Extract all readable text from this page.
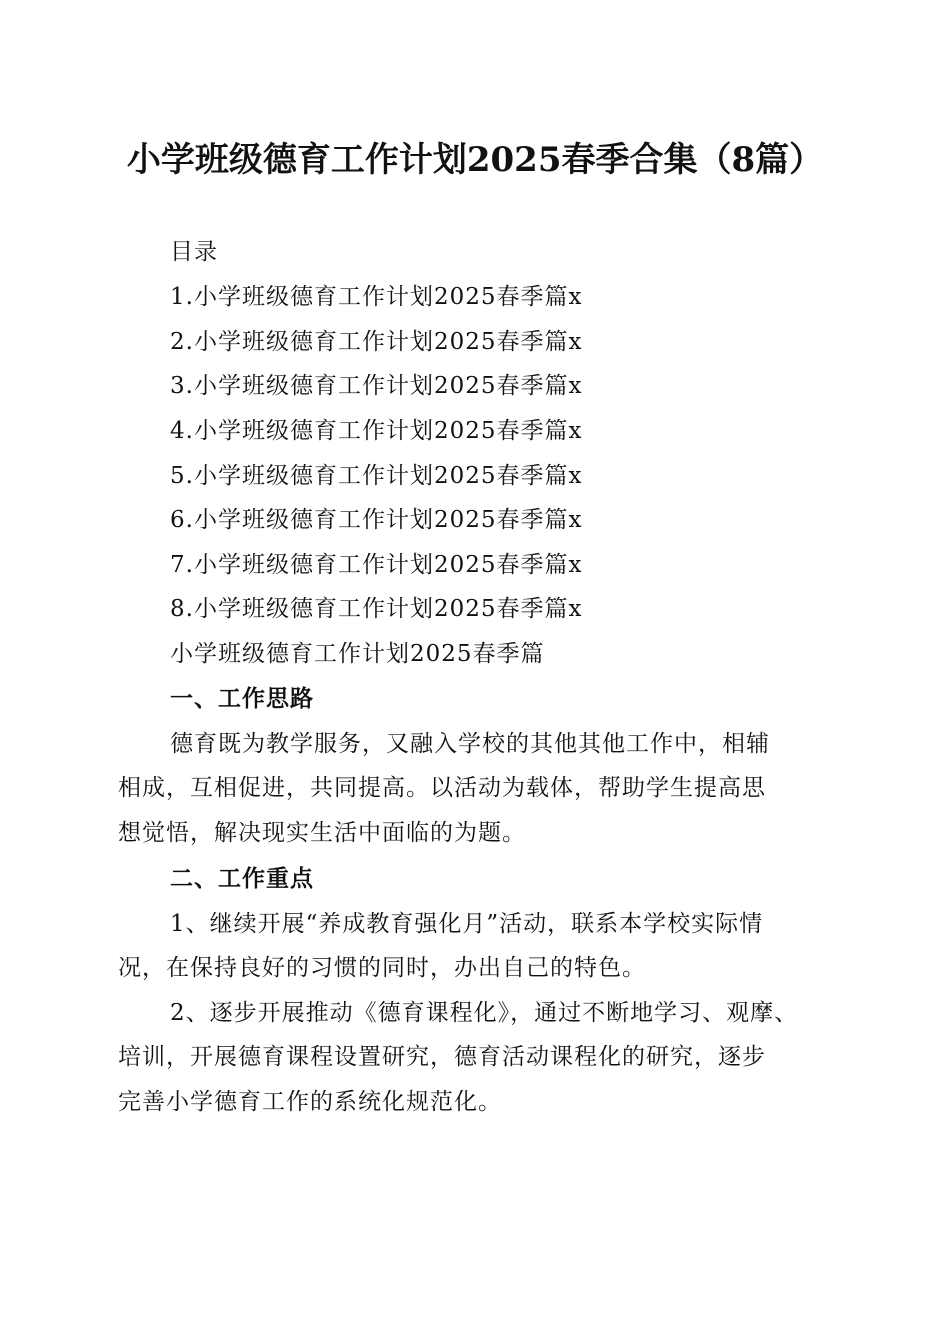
小学班级德育工作计划2025春季合集（8篇）
目录
1.小学班级德育工作计划2025春季篇x
2.小学班级德育工作计划2025春季篇x
3.小学班级德育工作计划2025春季篇x
4.小学班级德育工作计划2025春季篇x
5.小学班级德育工作计划2025春季篇x
6.小学班级德育工作计划2025春季篇x
7.小学班级德育工作计划2025春季篇x
8.小学班级德育工作计划2025春季篇x
小学班级德育工作计划2025春季篇
一、工作思路
德育既为教学服务，又融入学校的其他其他工作中，相辅
相成，互相促进，共同提高。以活动为载体，帮助学生提高思
想觉悟，解决现实生活中面临的为题。
二、工作重点
1、继续开展“养成教育强化月”活动，联系本学校实际情
况，在保持良好的习惯的同时，办出自己的特色。
2、逐步开展推动《德育课程化》，通过不断地学习、观摩、
培训，开展德育课程设置研究，德育活动课程化的研究，逐步
完善小学德育工作的系统化规范化。
